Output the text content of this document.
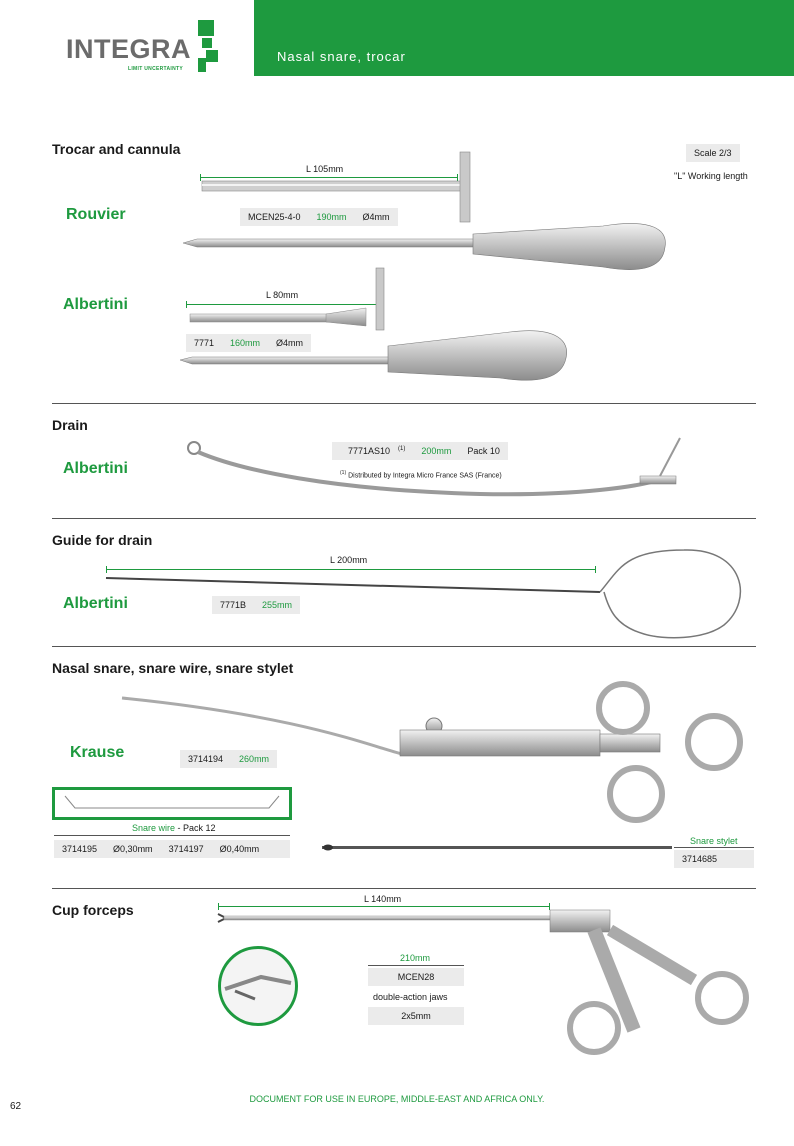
Nasal snare, trocar
INTEGRA
LIMIT UNCERTAINTY
Trocar and cannula	Scale 2/3
"L" Working length
Rouvier
L 105mm
MCEN25-4-0	190mm	Ø4mm
Albertini
L 80mm
7771	160mm	Ø4mm
Drain
Albertini
7771AS10 $^{(1)}$	200mm	Pack 10
$^{(1)}$ Distributed by Integra Micro France SAS (France)
Guide for drain
Albertini
L 200mm
7771B	255mm
Nasal snare, snare wire, snare stylet
Krause	3714194	260mm
Snare wire - Pack 12
3714195	Ø0,30mm	3714197	Ø0,40mm
Snare stylet
3714685
Cup forceps
L 140mm
210mm
MCEN28
double-action jaws
2x5mm
DOCUMENT FOR USE IN EUROPE, MIDDLE-EAST AND AFRICA ONLY.
62
